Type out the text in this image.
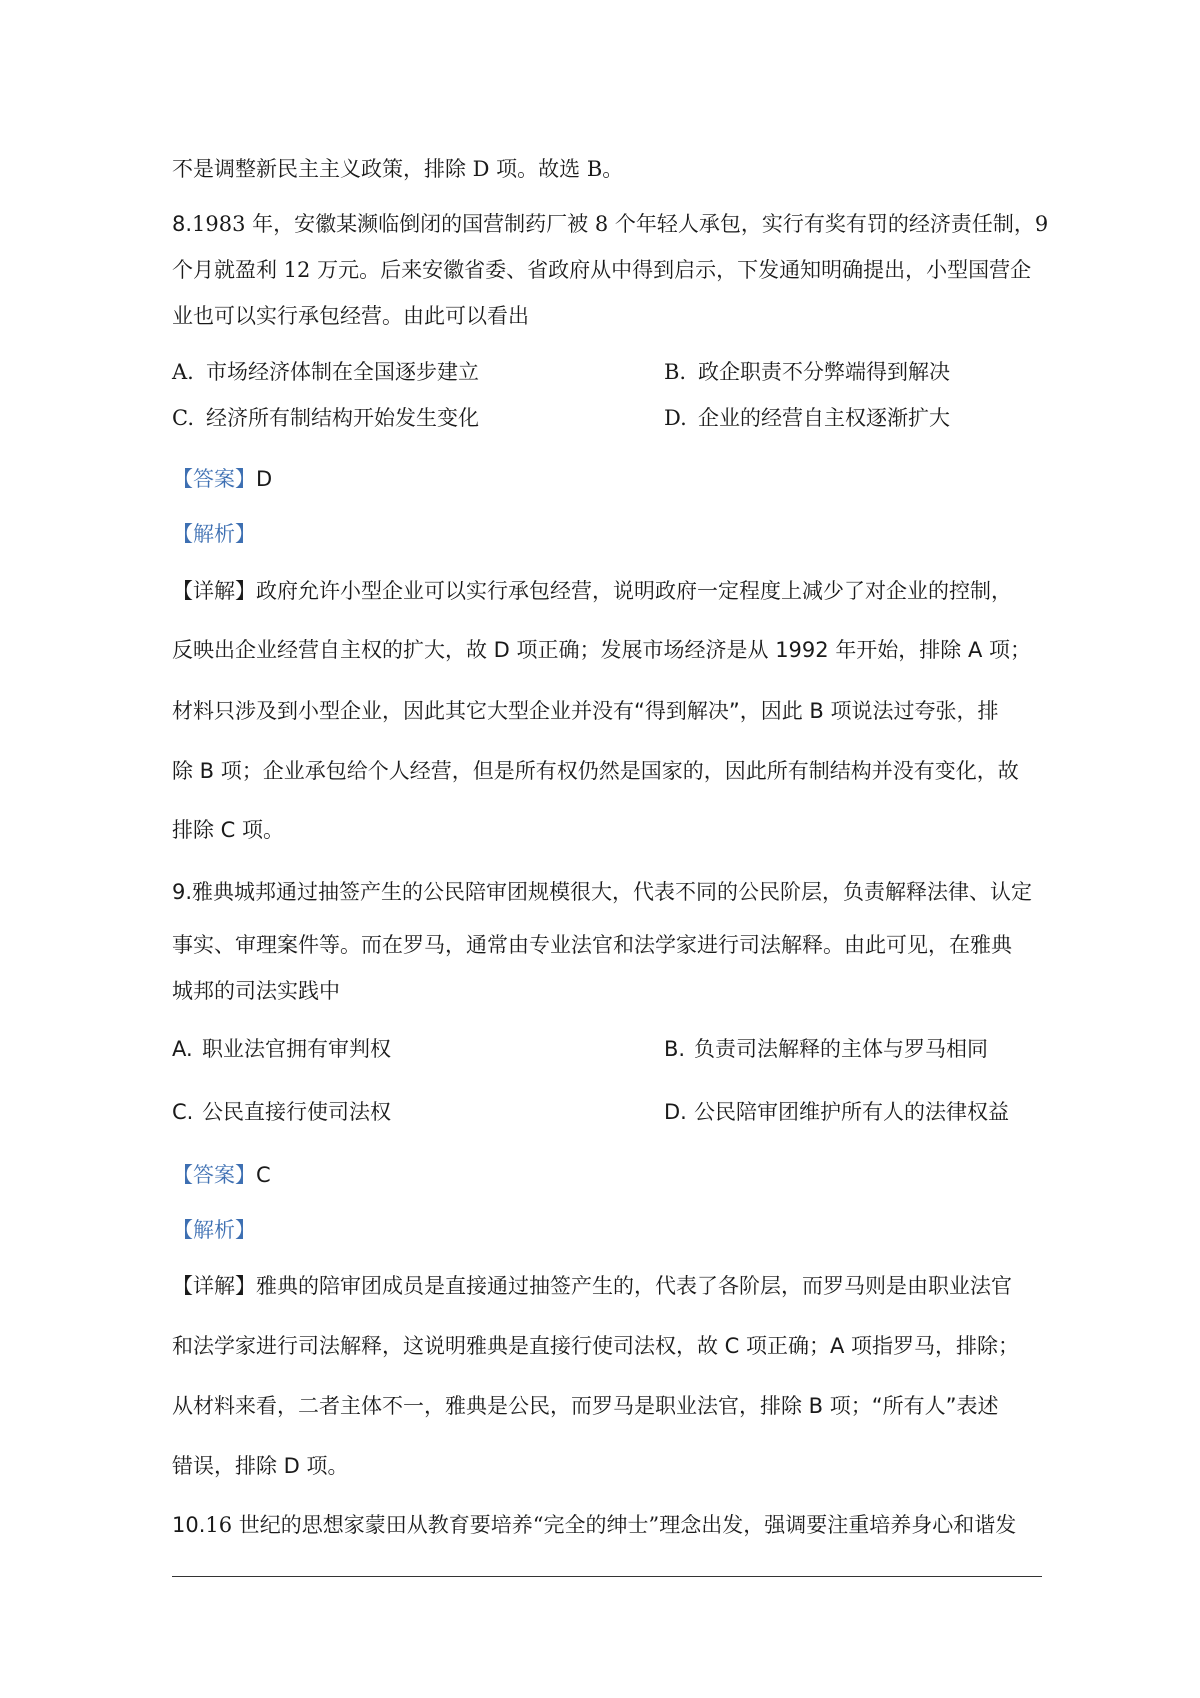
不是调整新民主主义政策，排除 D 项。故选 B。
8.1983 年，安徽某濒临倒闭的国营制药厂被 8 个年轻人承包，实行有奖有罚的经济责任制，9
个月就盈利 12 万元。后来安徽省委、省政府从中得到启示，下发通知明确提出，小型国营企
业也可以实行承包经营。由此可以看出
A. 市场经济体制在全国逐步建立	B. 政企职责不分弊端得到解决
C. 经济所有制结构开始发生变化	D. 企业的经营自主权逐渐扩大
【答案】D
【解析】
【详解】政府允许小型企业可以实行承包经营，说明政府一定程度上减少了对企业的控制，
反映出企业经营自主权的扩大，故 D 项正确；发展市场经济是从 1992 年开始，排除 A 项；
材料只涉及到小型企业，因此其它大型企业并没有“得到解决”，因此 B 项说法过夸张，排
除 B 项；企业承包给个人经营，但是所有权仍然是国家的，因此所有制结构并没有变化，故
排除 C 项。
9.雅典城邦通过抽签产生的公民陪审团规模很大，代表不同的公民阶层，负责解释法律、认定
事实、审理案件等。而在罗马，通常由专业法官和法学家进行司法解释。由此可见，在雅典
城邦的司法实践中
A. 职业法官拥有审判权	B. 负责司法解释的主体与罗马相同
C. 公民直接行使司法权	D. 公民陪审团维护所有人的法律权益
【答案】C
【解析】
【详解】雅典的陪审团成员是直接通过抽签产生的，代表了各阶层，而罗马则是由职业法官
和法学家进行司法解释，这说明雅典是直接行使司法权，故 C 项正确；A 项指罗马，排除；
从材料来看，二者主体不一，雅典是公民，而罗马是职业法官，排除 B 项；“所有人”表述
错误，排除 D 项。
10.16 世纪的思想家蒙田从教育要培养“完全的绅士”理念出发，强调要注重培养身心和谐发
